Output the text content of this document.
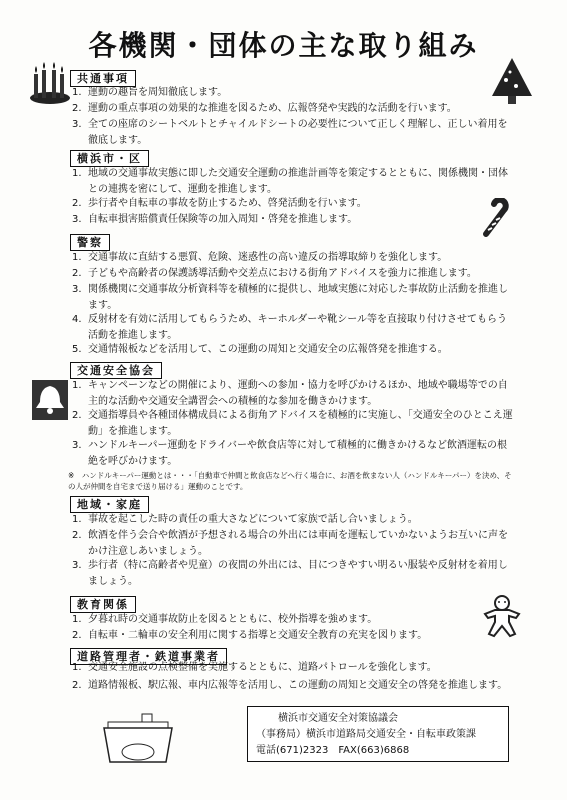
各機関・団体の主な取り組み
共通事項
1. 運動の趣旨を周知徹底します。
2. 運動の重点事項の効果的な推進を図るため、広報啓発や実践的な活動を行います。
3. 全ての座席のシートベルトとチャイルドシートの必要性について正しく理解し、正しい着用を徹底します。
横浜市・区
1. 地域の交通事故実態に即した交通安全運動の推進計画等を策定するとともに、関係機関・団体との連携を密にして、運動を推進します。
2. 歩行者や自転車の事故を防止するため、啓発活動を行います。
3. 自転車損害賠償責任保険等の加入周知・啓発を推進します。
警察
1. 交通事故に直結する悪質、危険、迷惑性の高い違反の指導取締りを強化します。
2. 子どもや高齢者の保護誘導活動や交差点における街角アドバイスを強力に推進します。
3. 関係機関に交通事故分析資料等を積極的に提供し、地域実態に対応した事故防止活動を推進します。
4. 反射材を有効に活用してもらうため、キーホルダーや靴シール等を直接取り付けさせてもらう活動を推進します。
5. 交通情報板などを活用して、この運動の周知と交通安全の広報啓発を推進する。
交通安全協会
1. キャンペーンなどの開催により、運動への参加・協力を呼びかけるほか、地域や職場等での自主的な活動や交通安全講習会への積極的な参加を働きかけます。
2. 交通指導員や各種団体構成員による街角アドバイスを積極的に実施し、「交通安全のひとこえ運動」を推進します。
3. ハンドルキーパー運動をドライバーや飲食店等に対して積極的に働きかけるなど飲酒運転の根絶を呼びかけます。
※　ハンドルキーパー運動とは・・・「自動車で仲間と飲食店などへ行く場合に、お酒を飲まない人（ハンドルキーパー）を決め、その人が仲間を自宅まで送り届ける」運動のことです。
地域・家庭
1. 事故を起こした時の責任の重大さなどについて家族で話し合いましょう。
2. 飲酒を伴う会合や飲酒が予想される場合の外出には車両を運転していかないようお互いに声をかけ注意しあいましょう。
3. 歩行者（特に高齢者や児童）の夜間の外出には、目につきやすい明るい服装や反射材を着用しましょう。
教育関係
1. 夕暮れ時の交通事故防止を図るとともに、校外指導を強めます。
2. 自転車・二輪車の安全利用に関する指導と交通安全教育の充実を図ります。
道路管理者・鉄道事業者
1. 交通安全施設の点検整備を実施するとともに、道路パトロールを強化します。
2. 道路情報板、駅広報、車内広報等を活用し、この運動の周知と交通安全の啓発を推進します。
横浜市交通安全対策協議会
（事務局）横浜市道路局交通安全・自転車政策課
電話(671)2323　FAX(663)6868
